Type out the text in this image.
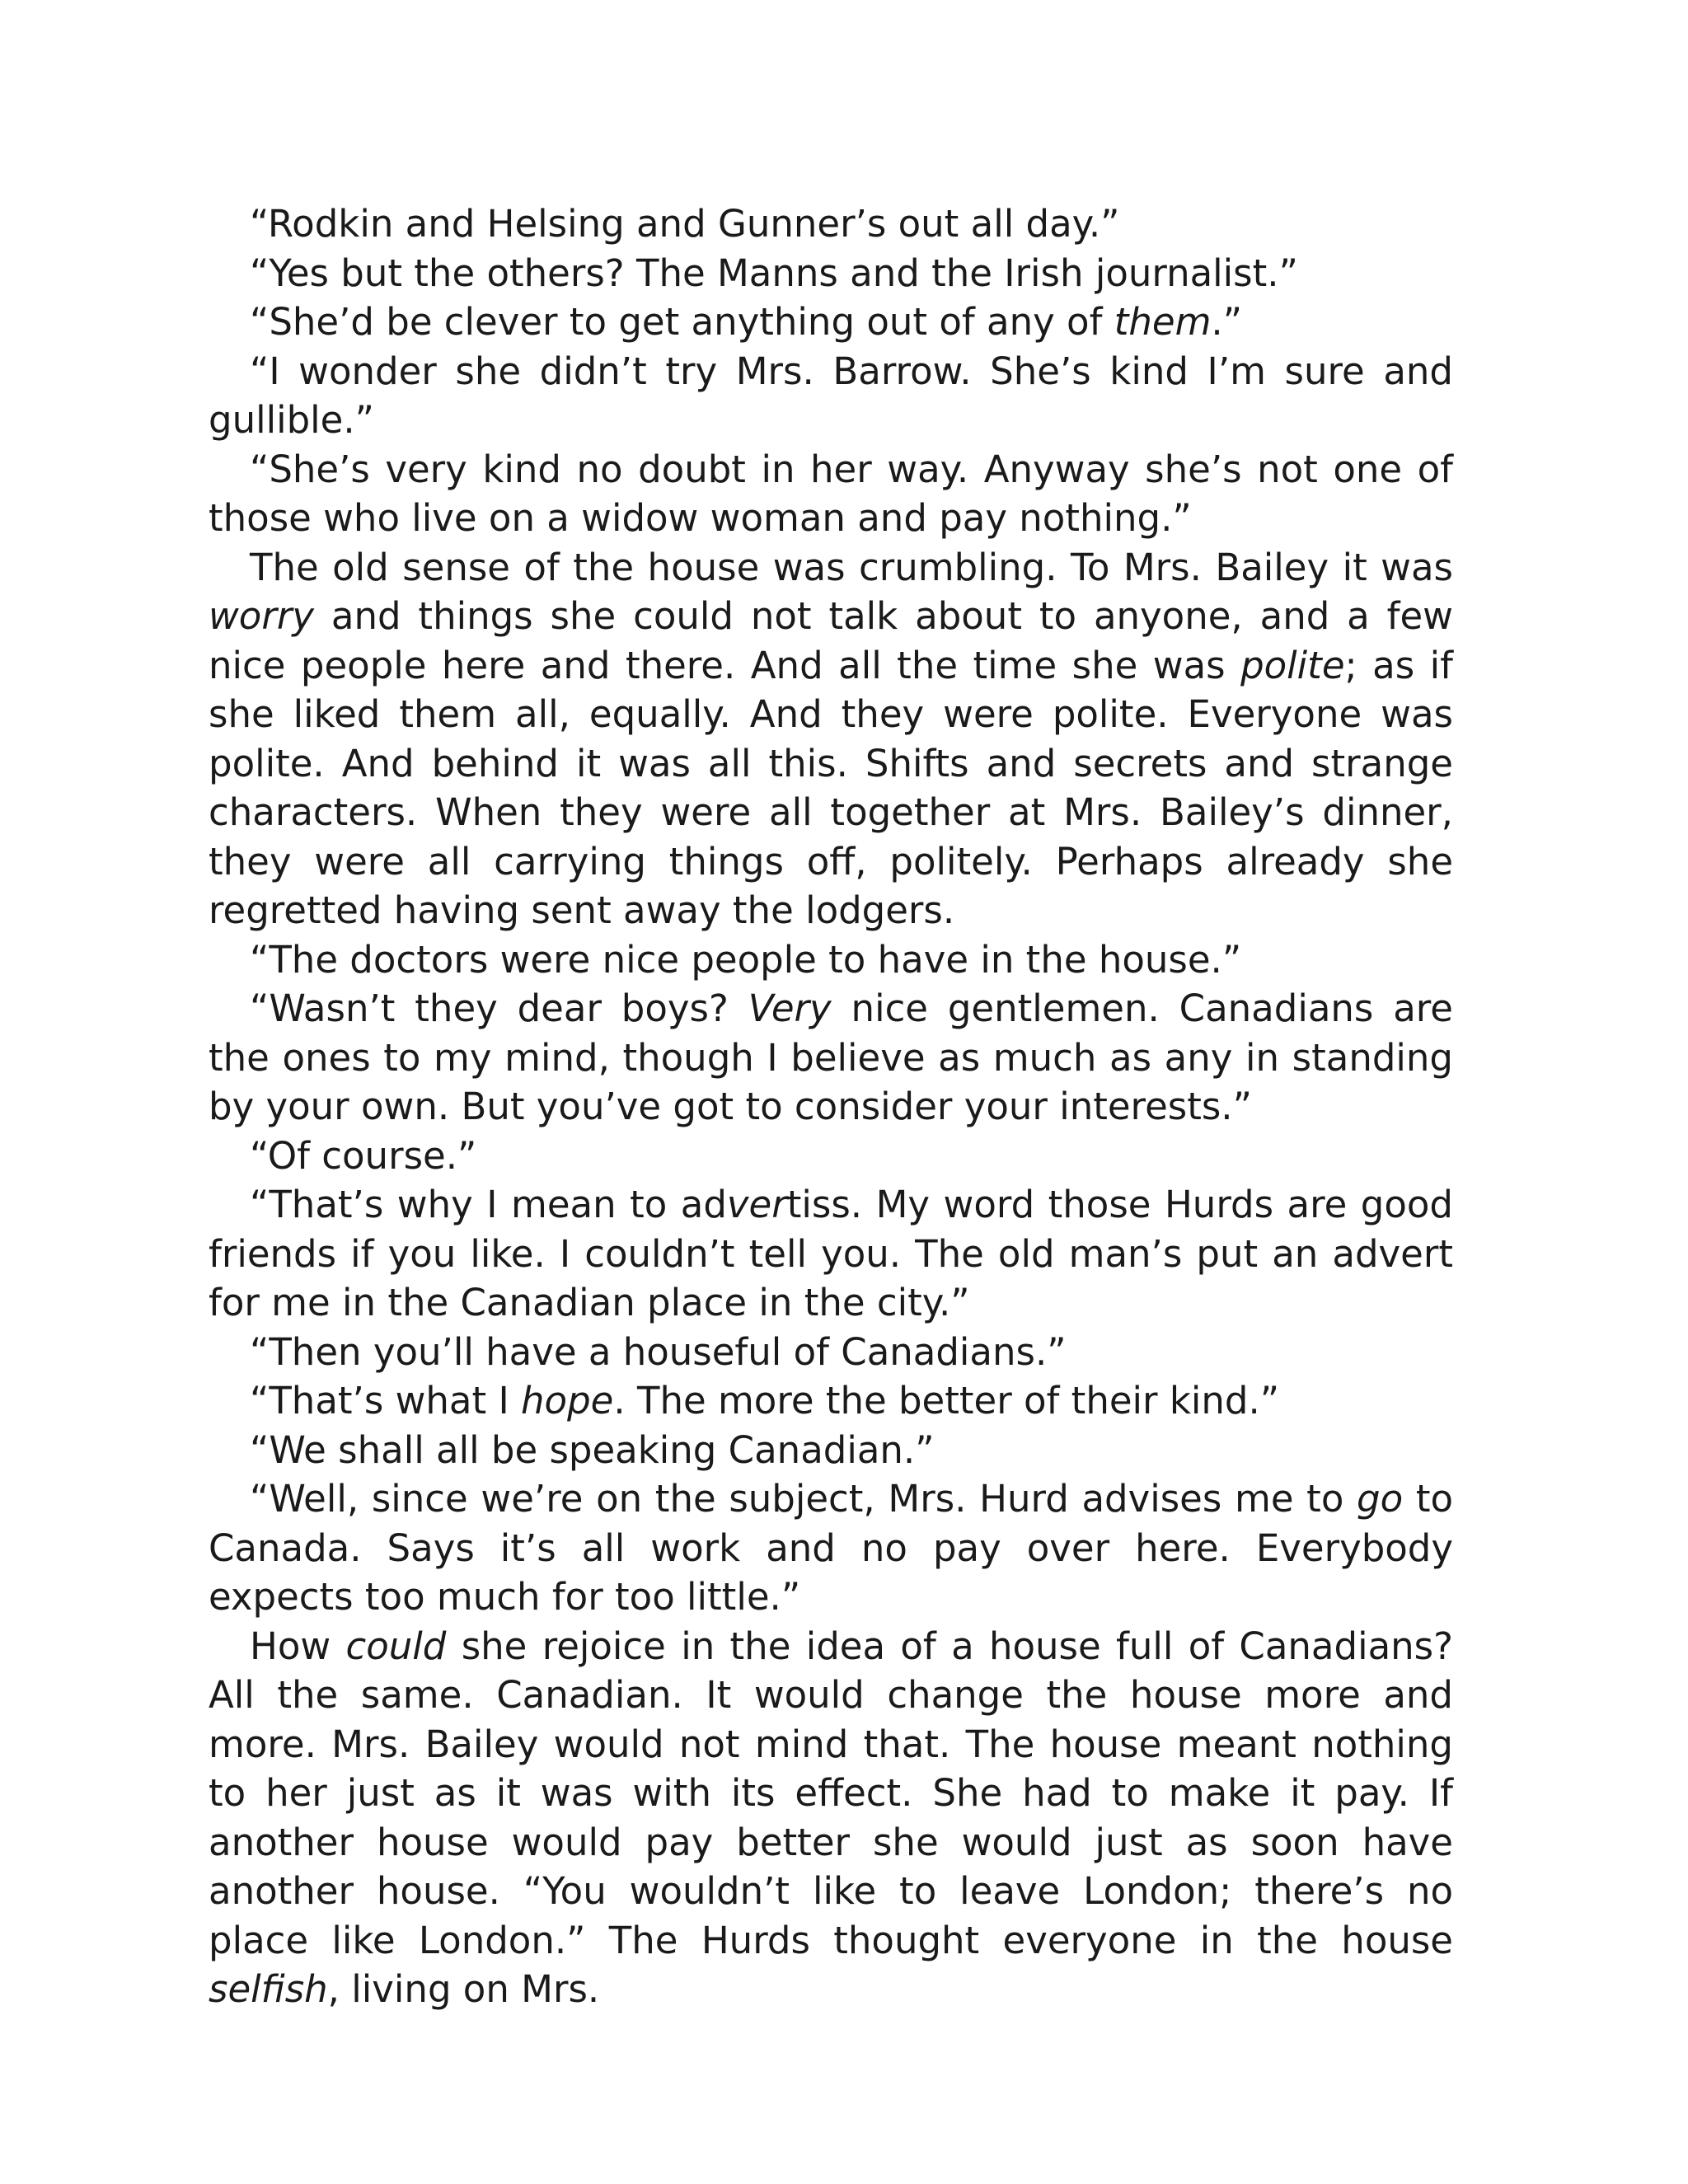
“Rodkin and Helsing and Gunner’s out all day.”

“Yes but the others? The Manns and the Irish journalist.”

“She’d be clever to get anything out of any of them.”

“I wonder she didn’t try Mrs. Barrow. She’s kind I’m sure and gullible.”

“She’s very kind no doubt in her way. Anyway she’s not one of those who live on a widow woman and pay nothing.”

The old sense of the house was crumbling. To Mrs. Bailey it was worry and things she could not talk about to anyone, and a few nice people here and there. And all the time she was polite; as if she liked them all, equally. And they were polite. Everyone was polite. And behind it was all this. Shifts and secrets and strange characters. When they were all together at Mrs. Bailey’s dinner, they were all carrying things off, politely. Perhaps already she regretted having sent away the lodgers.

“The doctors were nice people to have in the house.”

“Wasn’t they dear boys? Very nice gentlemen. Canadians are the ones to my mind, though I believe as much as any in standing by your own. But you’ve got to consider your interests.”

“Of course.”

“That’s why I mean to advertiss. My word those Hurds are good friends if you like. I couldn’t tell you. The old man’s put an advert for me in the Canadian place in the city.”

“Then you’ll have a houseful of Canadians.”

“That’s what I hope. The more the better of their kind.”

“We shall all be speaking Canadian.”

“Well, since we’re on the subject, Mrs. Hurd advises me to go to Canada. Says it’s all work and no pay over here. Everybody expects too much for too little.”

How could she rejoice in the idea of a house full of Canadians? All the same. Canadian. It would change the house more and more. Mrs. Bailey would not mind that. The house meant nothing to her just as it was with its effect. She had to make it pay. If another house would pay better she would just as soon have another house. “You wouldn’t like to leave London; there’s no place like London.” The Hurds thought everyone in the house selfish, living on Mrs.
